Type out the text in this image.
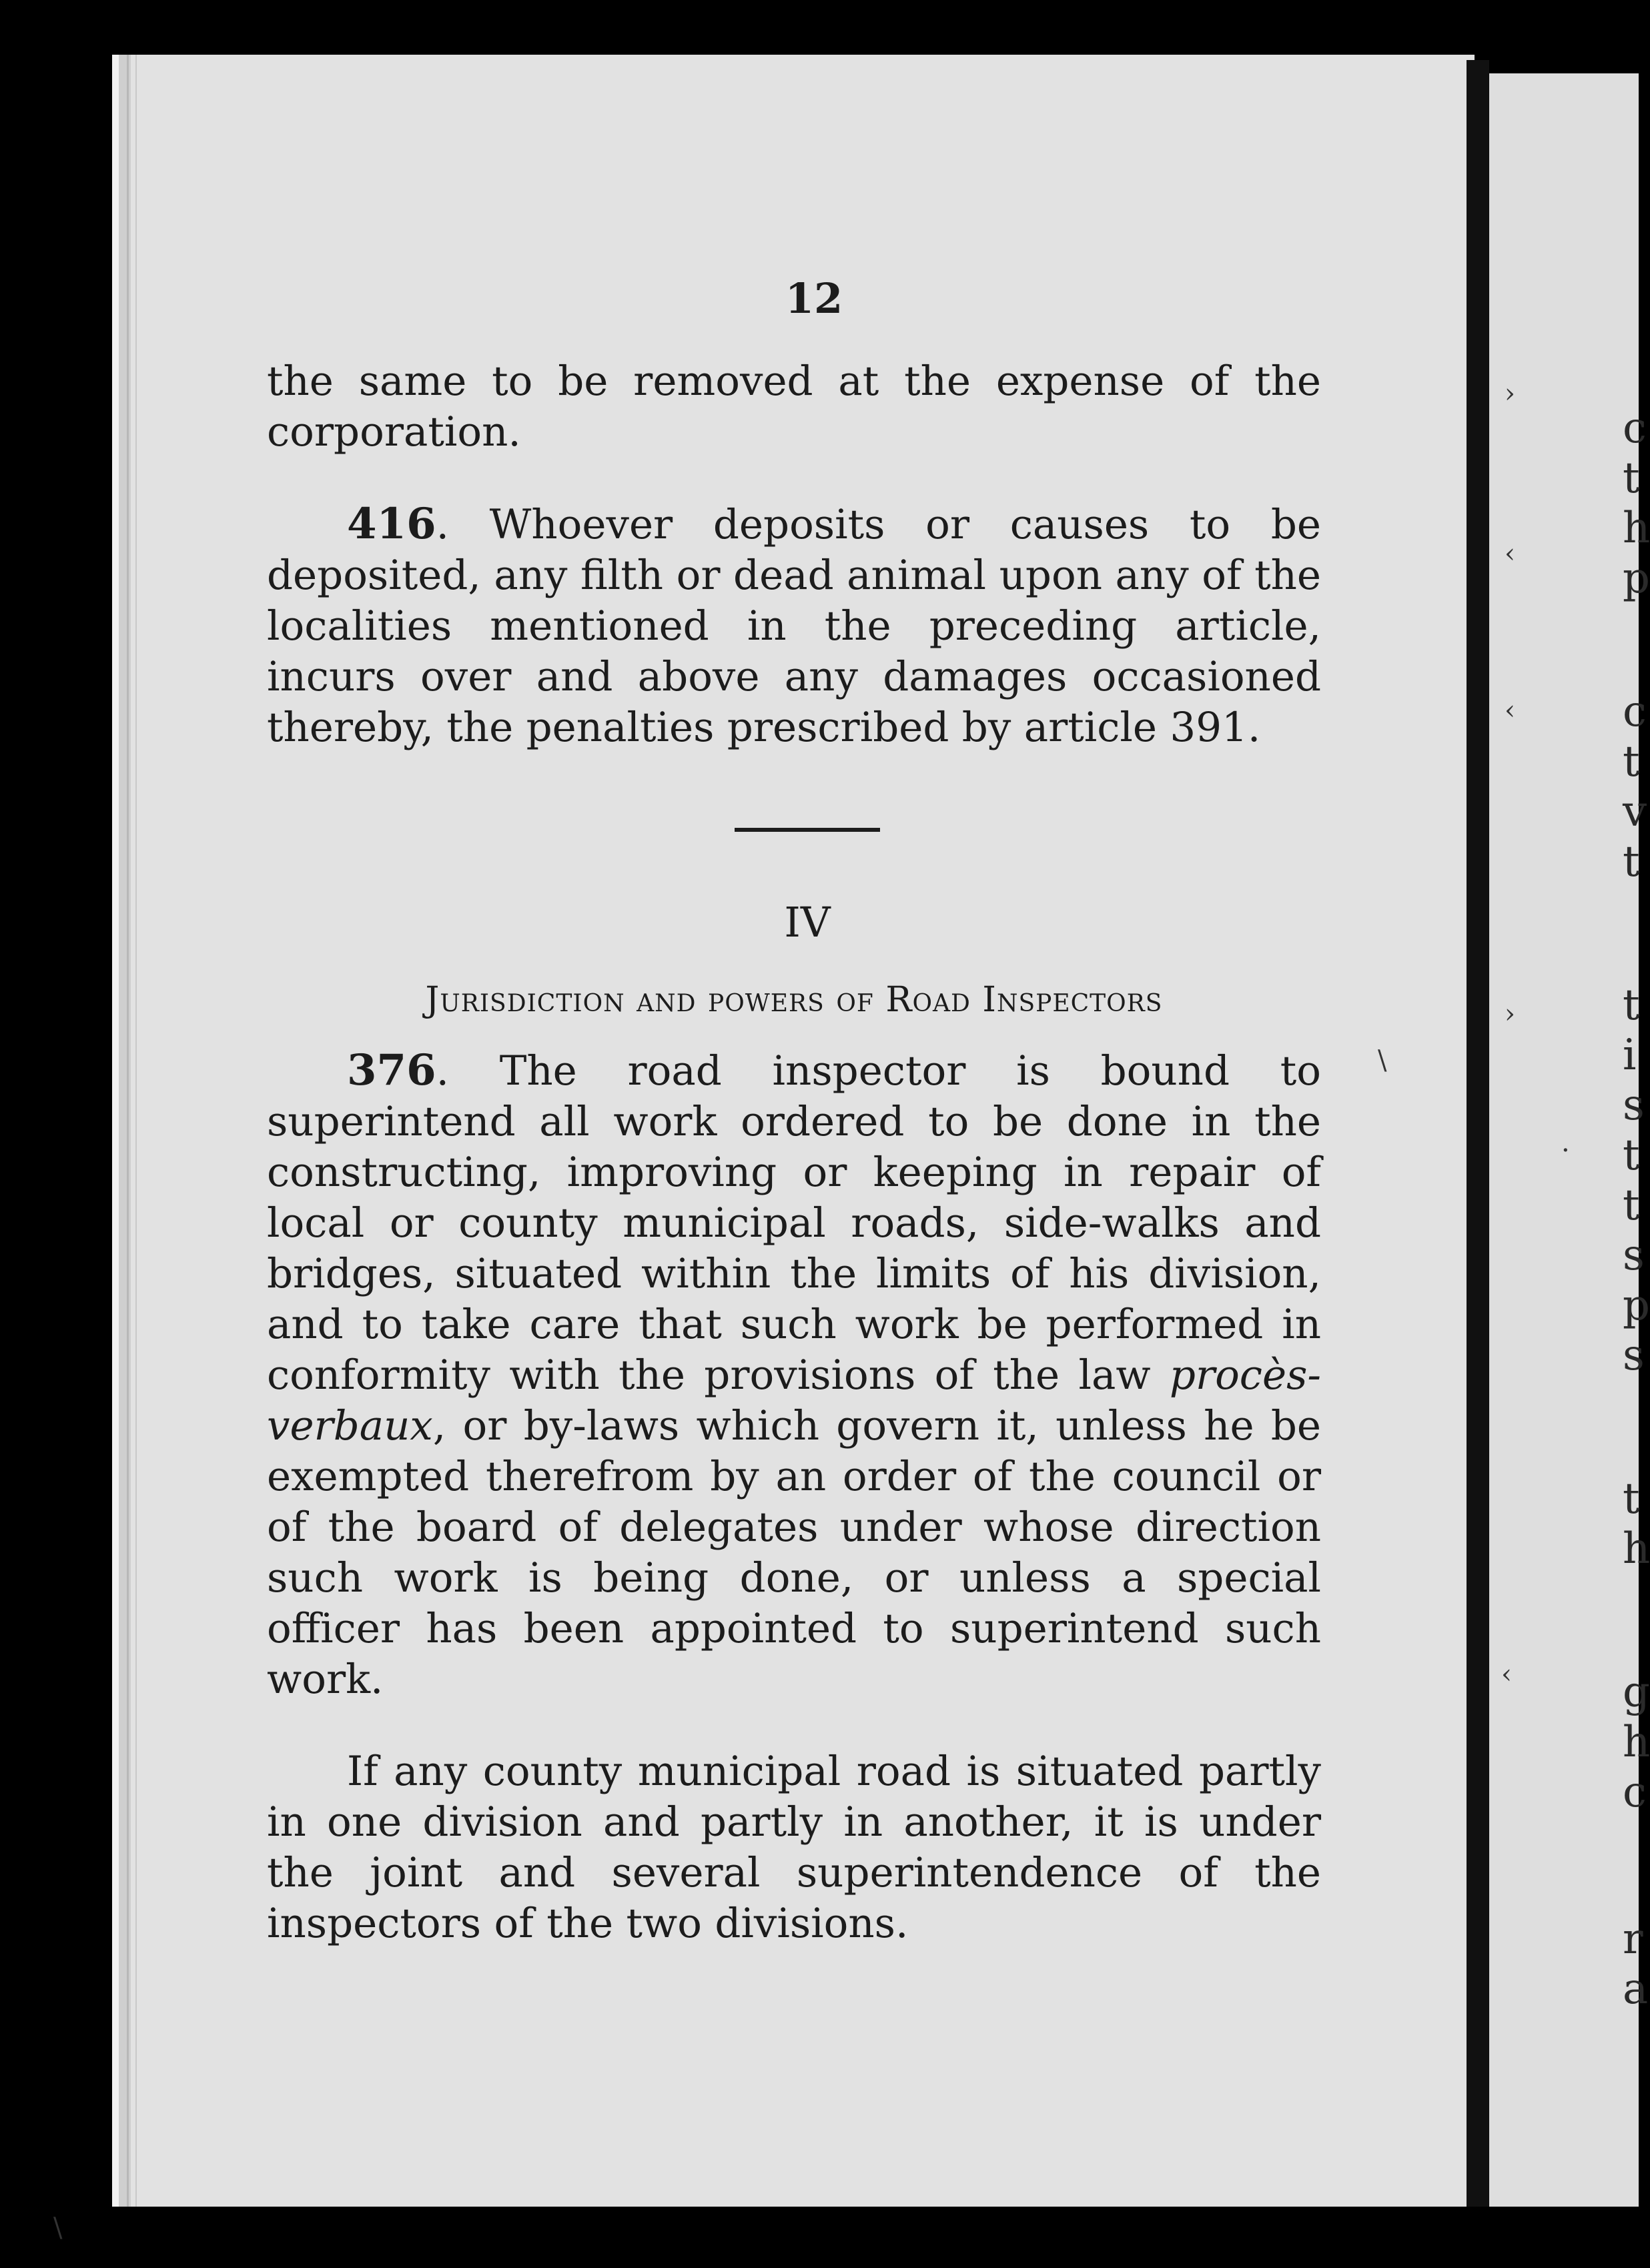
c
t
h
p
c
t
v
t
t
i
s
t
t
s
p
s
t
h
g
h
c
r
a
›
‹
‹
›
·
\
‹
\
12

the same to be removed at the expense of the corporation.

416. Whoever deposits or causes to be deposited, any filth or dead animal upon any of the localities mentioned in the preceding article, incurs over and above any damages occasioned thereby, the penalties prescribed by article 391.

IV
Jurisdiction and powers of Road Inspectors

376. The road inspector is bound to superintend all work ordered to be done in the constructing, improving or keeping in repair of local or county municipal roads, side-walks and bridges, situated within the limits of his division, and to take care that such work be performed in conformity with the provisions of the law procès-verbaux, or by-laws which govern it, unless he be exempted therefrom by an order of the council or of the board of delegates under whose direction such work is being done, or unless a special officer has been appointed to superintend such work.

If any county municipal road is situated partly in one division and partly in another, it is under the joint and several superintendence of the inspectors of the two divisions.
